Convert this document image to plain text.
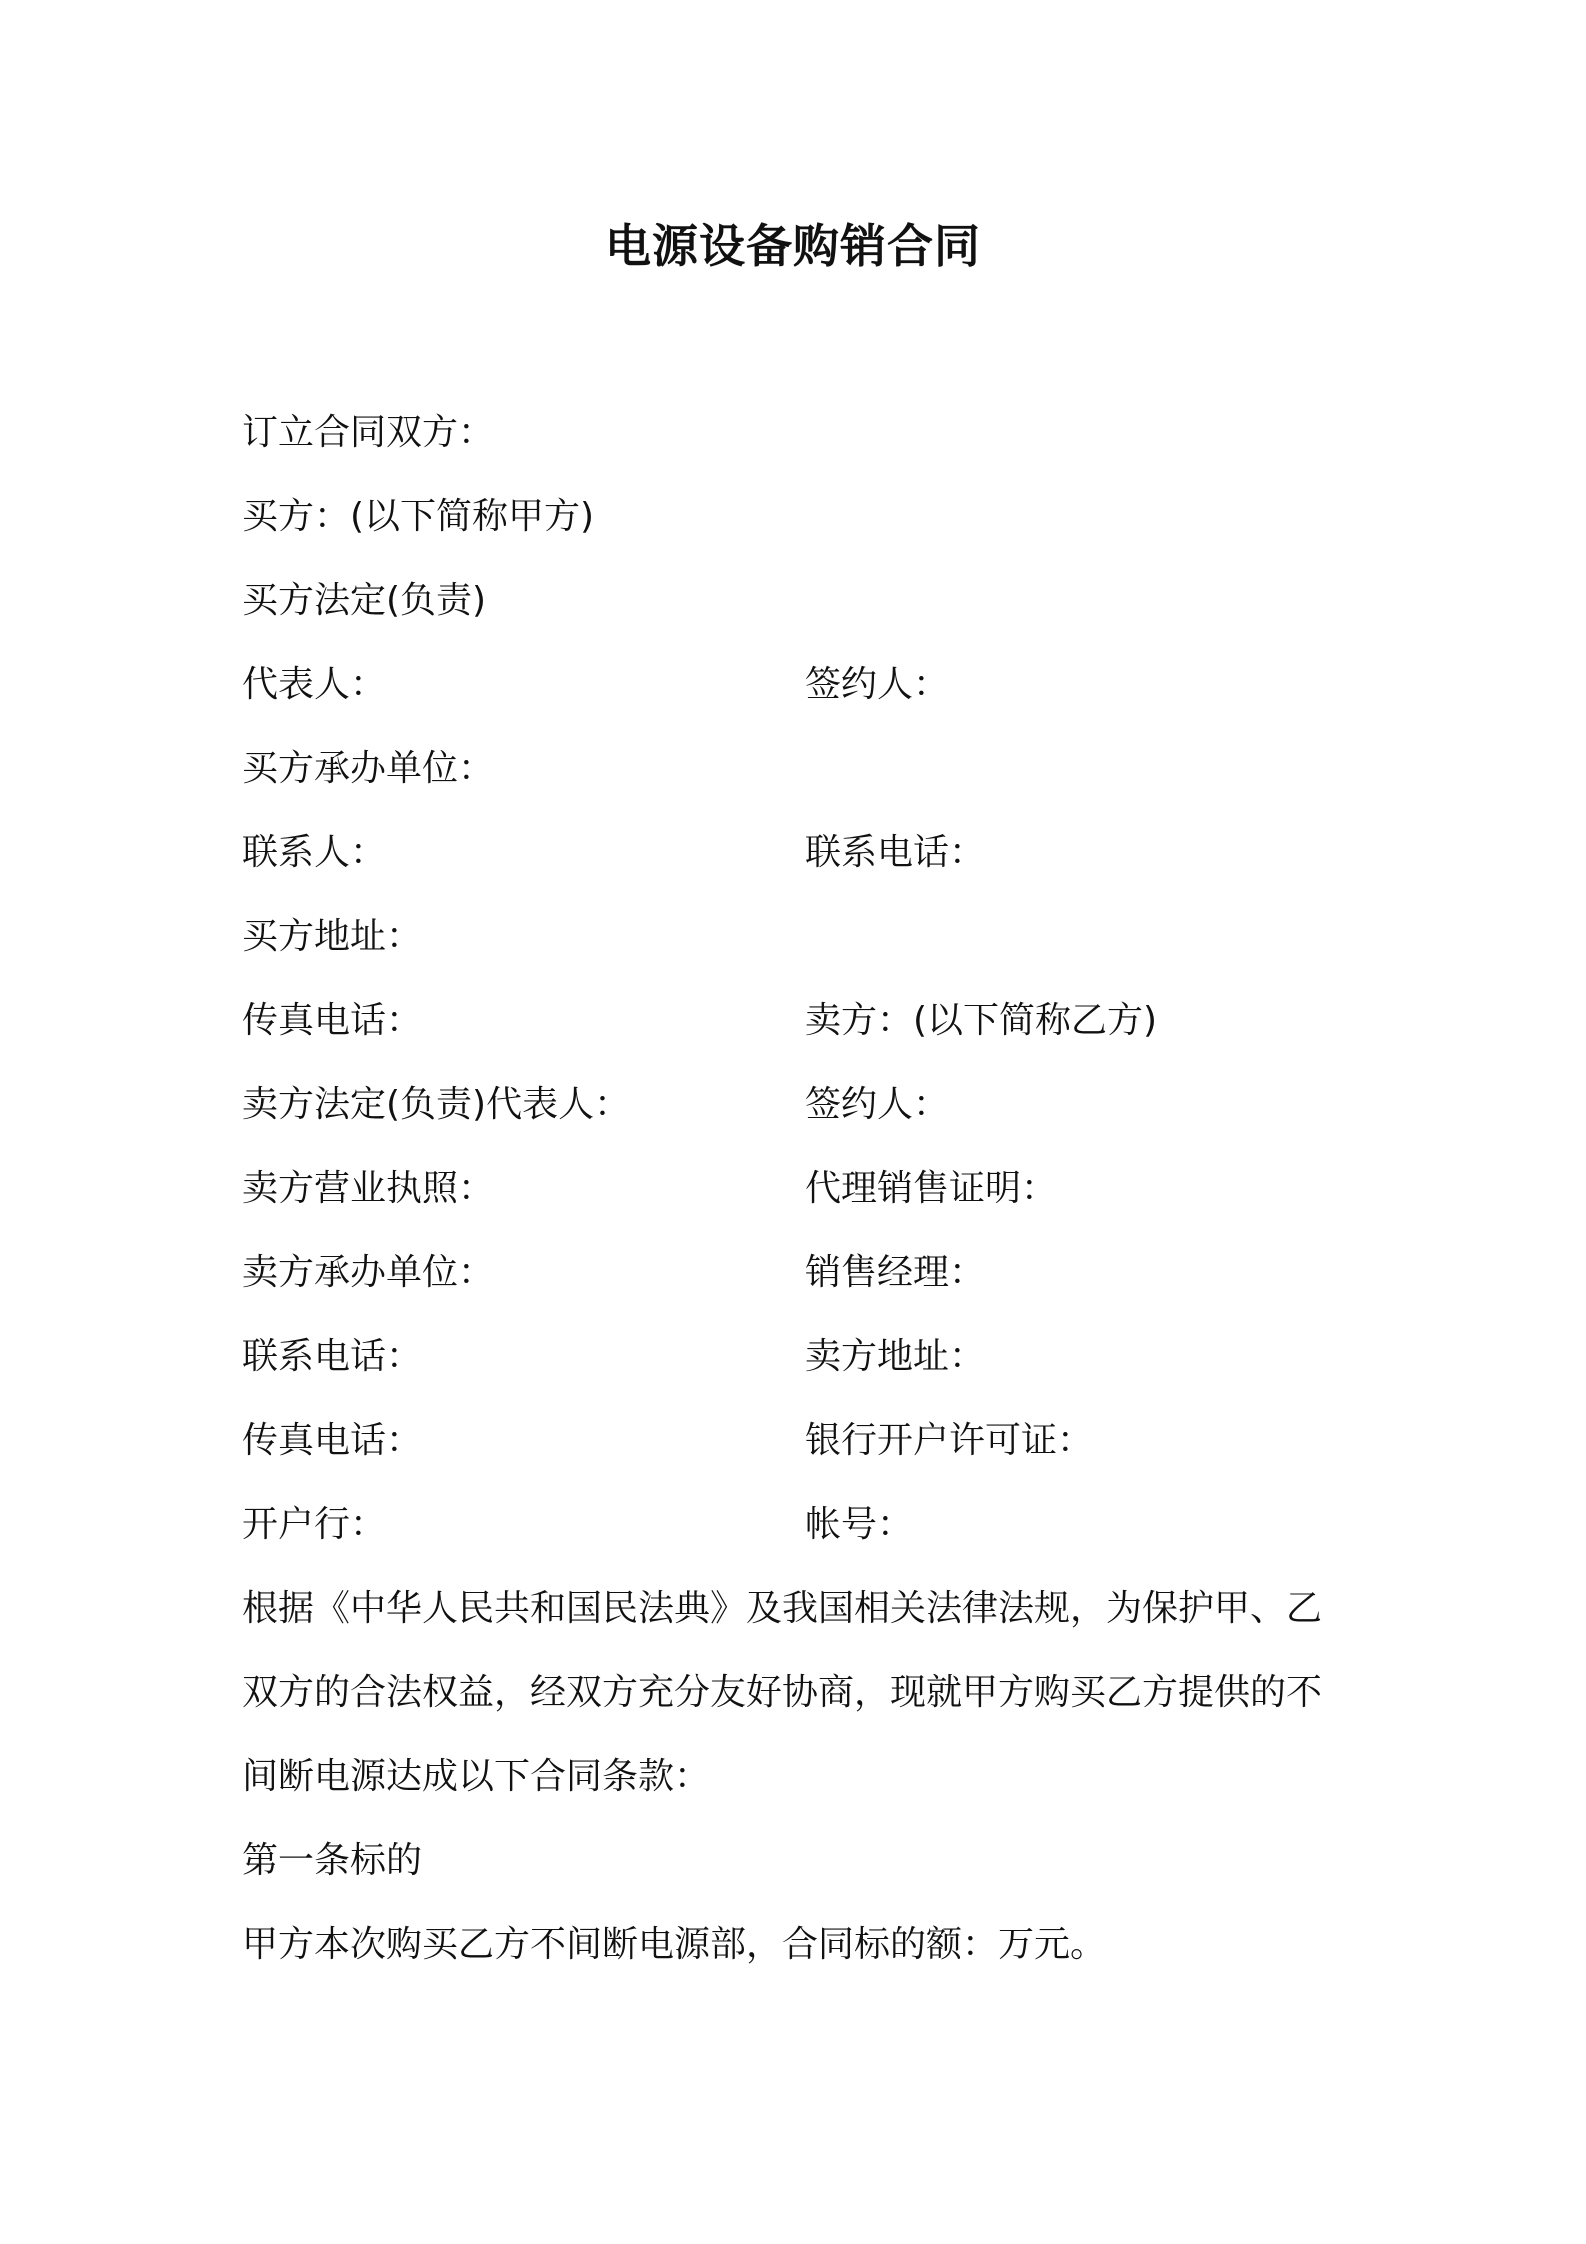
电源设备购销合同
订立合同双方：
买方：(以下简称甲方)
买方法定(负责)
代表人：	签约人：
买方承办单位：
联系人：	联系电话：
买方地址：
传真电话：	卖方：(以下简称乙方)
卖方法定(负责)代表人：	签约人：
卖方营业执照：	代理销售证明：
卖方承办单位：	销售经理：
联系电话：	卖方地址：
传真电话：	银行开户许可证：
开户行：	帐号：
根据《中华人民共和国民法典》及我国相关法律法规，为保护甲、乙
双方的合法权益，经双方充分友好协商，现就甲方购买乙方提供的不
间断电源达成以下合同条款：
第一条标的
甲方本次购买乙方不间断电源部，合同标的额：万元。
